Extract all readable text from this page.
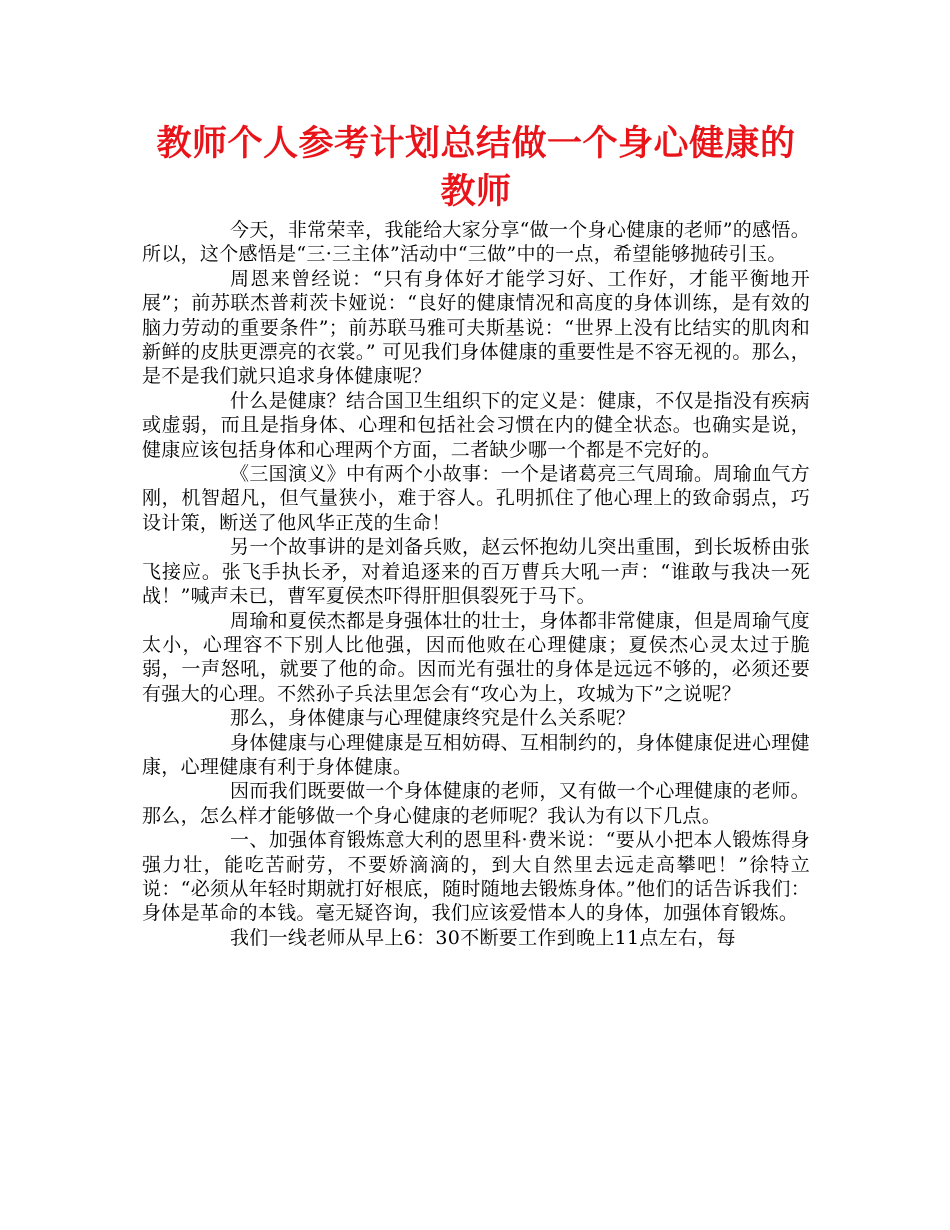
教师个人参考计划总结做一个身心健康的教师

今天，非常荣幸，我能给大家分享“做一个身心健康的老师”的感悟。所以，这个感悟是“三·三主体”活动中“三做”中的一点，希望能够抛砖引玉。

周恩来曾经说：“只有身体好才能学习好、工作好，才能平衡地开展”；前苏联杰普莉茨卡娅说：“良好的健康情况和高度的身体训练，是有效的脑力劳动的重要条件”；前苏联马雅可夫斯基说：“世界上没有比结实的肌肉和新鲜的皮肤更漂亮的衣裳。” 可见我们身体健康的重要性是不容无视的。那么，是不是我们就只追求身体健康呢？

什么是健康？结合国卫生组织下的定义是：健康，不仅是指没有疾病或虚弱，而且是指身体、心理和包括社会习惯在内的健全状态。也确实是说，健康应该包括身体和心理两个方面，二者缺少哪一个都是不完好的。

《三国演义》中有两个小故事：一个是诸葛亮三气周瑜。周瑜血气方刚，机智超凡，但气量狭小，难于容人。孔明抓住了他心理上的致命弱点，巧设计策，断送了他风华正茂的生命！

另一个故事讲的是刘备兵败，赵云怀抱幼儿突出重围，到长坂桥由张飞接应。张飞手执长矛，对着追逐来的百万曹兵大吼一声：“谁敢与我决一死战！”喊声未已，曹军夏侯杰吓得肝胆俱裂死于马下。

周瑜和夏侯杰都是身强体壮的壮士，身体都非常健康，但是周瑜气度太小，心理容不下别人比他强，因而他败在心理健康；夏侯杰心灵太过于脆弱，一声怒吼，就要了他的命。因而光有强壮的身体是远远不够的，必须还要有强大的心理。不然孙子兵法里怎会有“攻心为上，攻城为下”之说呢？

那么，身体健康与心理健康终究是什么关系呢？

身体健康与心理健康是互相妨碍、互相制约的，身体健康促进心理健康，心理健康有利于身体健康。

因而我们既要做一个身体健康的老师，又有做一个心理健康的老师。那么，怎么样才能够做一个身心健康的老师呢？我认为有以下几点。

一、加强体育锻炼意大利的恩里科·费米说：“要从小把本人锻炼得身强力壮，能吃苦耐劳，不要娇滴滴的，到大自然里去远走高攀吧！”徐特立说：“必须从年轻时期就打好根底，随时随地去锻炼身体。”他们的话告诉我们：身体是革命的本钱。毫无疑咨询，我们应该爱惜本人的身体，加强体育锻炼。

我们一线老师从早上6：30不断要工作到晚上11点左右，每
